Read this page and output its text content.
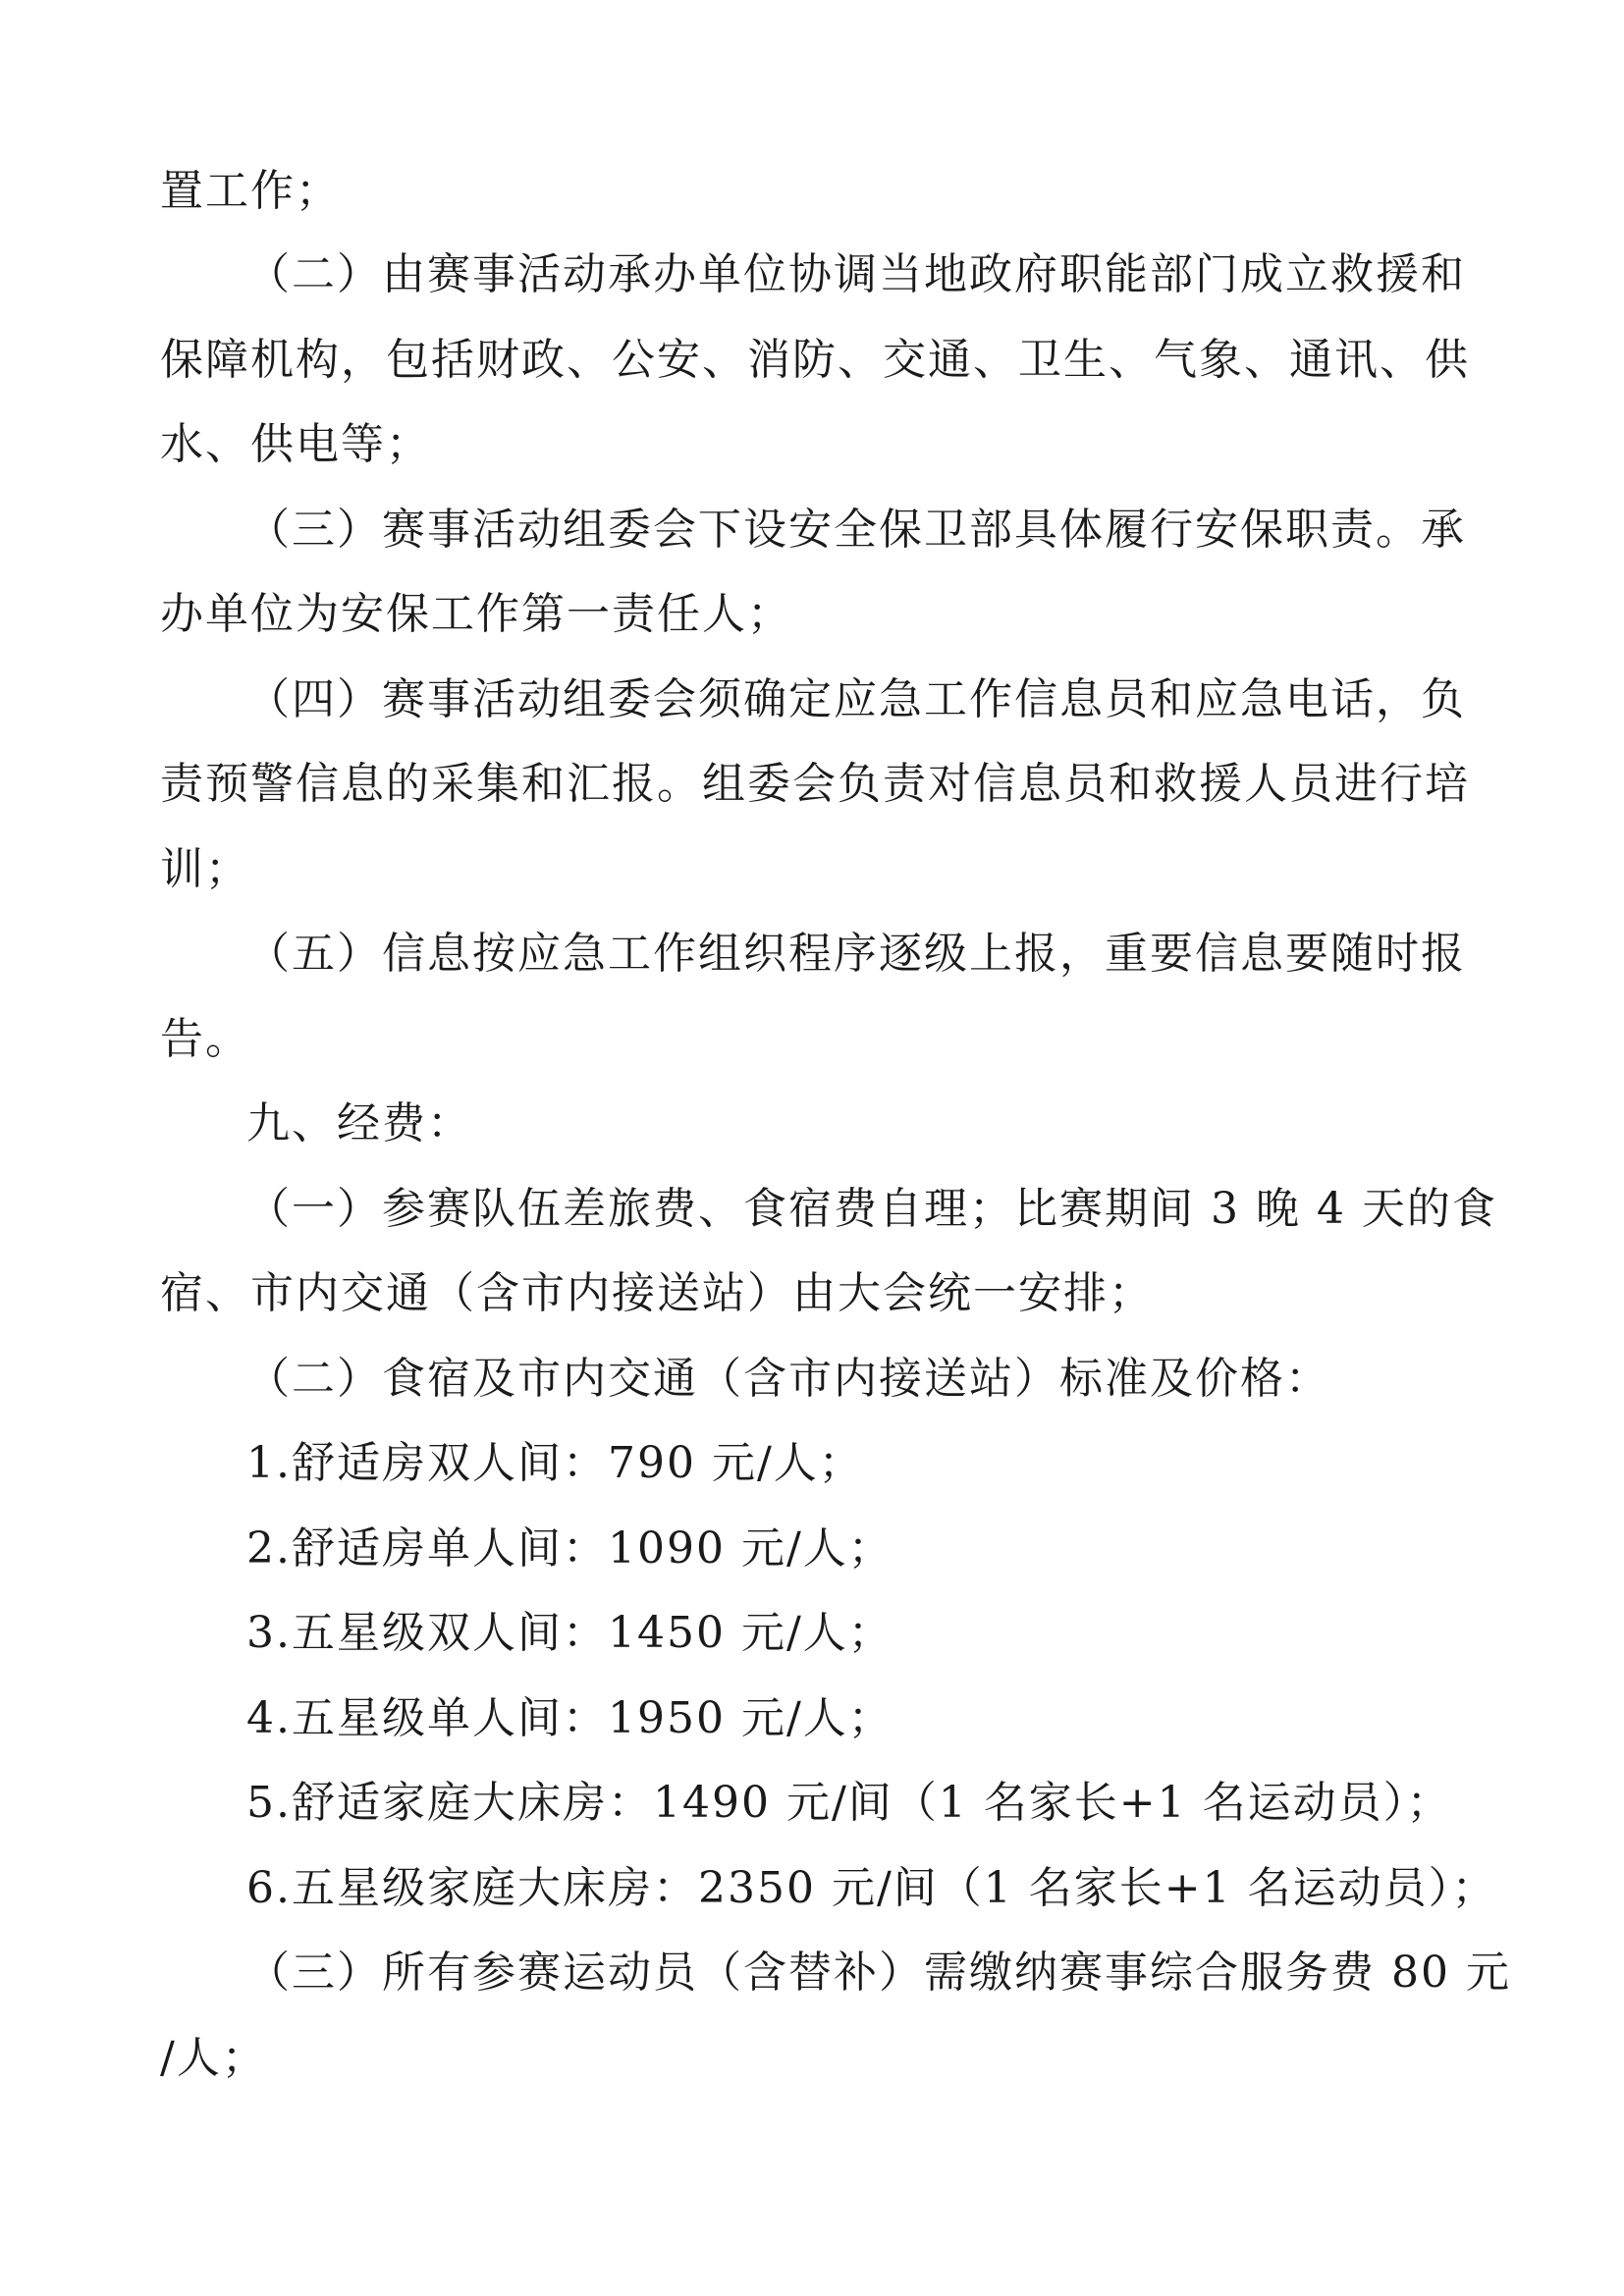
置工作；

（二）由赛事活动承办单位协调当地政府职能部门成立救援和

保障机构，包括财政、公安、消防、交通、卫生、气象、通讯、供

水、供电等；

（三）赛事活动组委会下设安全保卫部具体履行安保职责。承

办单位为安保工作第一责任人；

（四）赛事活动组委会须确定应急工作信息员和应急电话，负

责预警信息的采集和汇报。组委会负责对信息员和救援人员进行培

训；

（五）信息按应急工作组织程序逐级上报，重要信息要随时报

告。

九、经费：

（一）参赛队伍差旅费、食宿费自理；比赛期间 3 晚 4 天的食

宿、市内交通（含市内接送站）由大会统一安排；

（二）食宿及市内交通（含市内接送站）标准及价格：

1.舒适房双人间：790 元/人；

2.舒适房单人间：1090 元/人；

3.五星级双人间：1450 元/人；

4.五星级单人间：1950 元/人；

5.舒适家庭大床房：1490 元/间（1 名家长+1 名运动员）；

6.五星级家庭大床房：2350 元/间（1 名家长+1 名运动员）；

（三）所有参赛运动员（含替补）需缴纳赛事综合服务费 80 元

/人；
